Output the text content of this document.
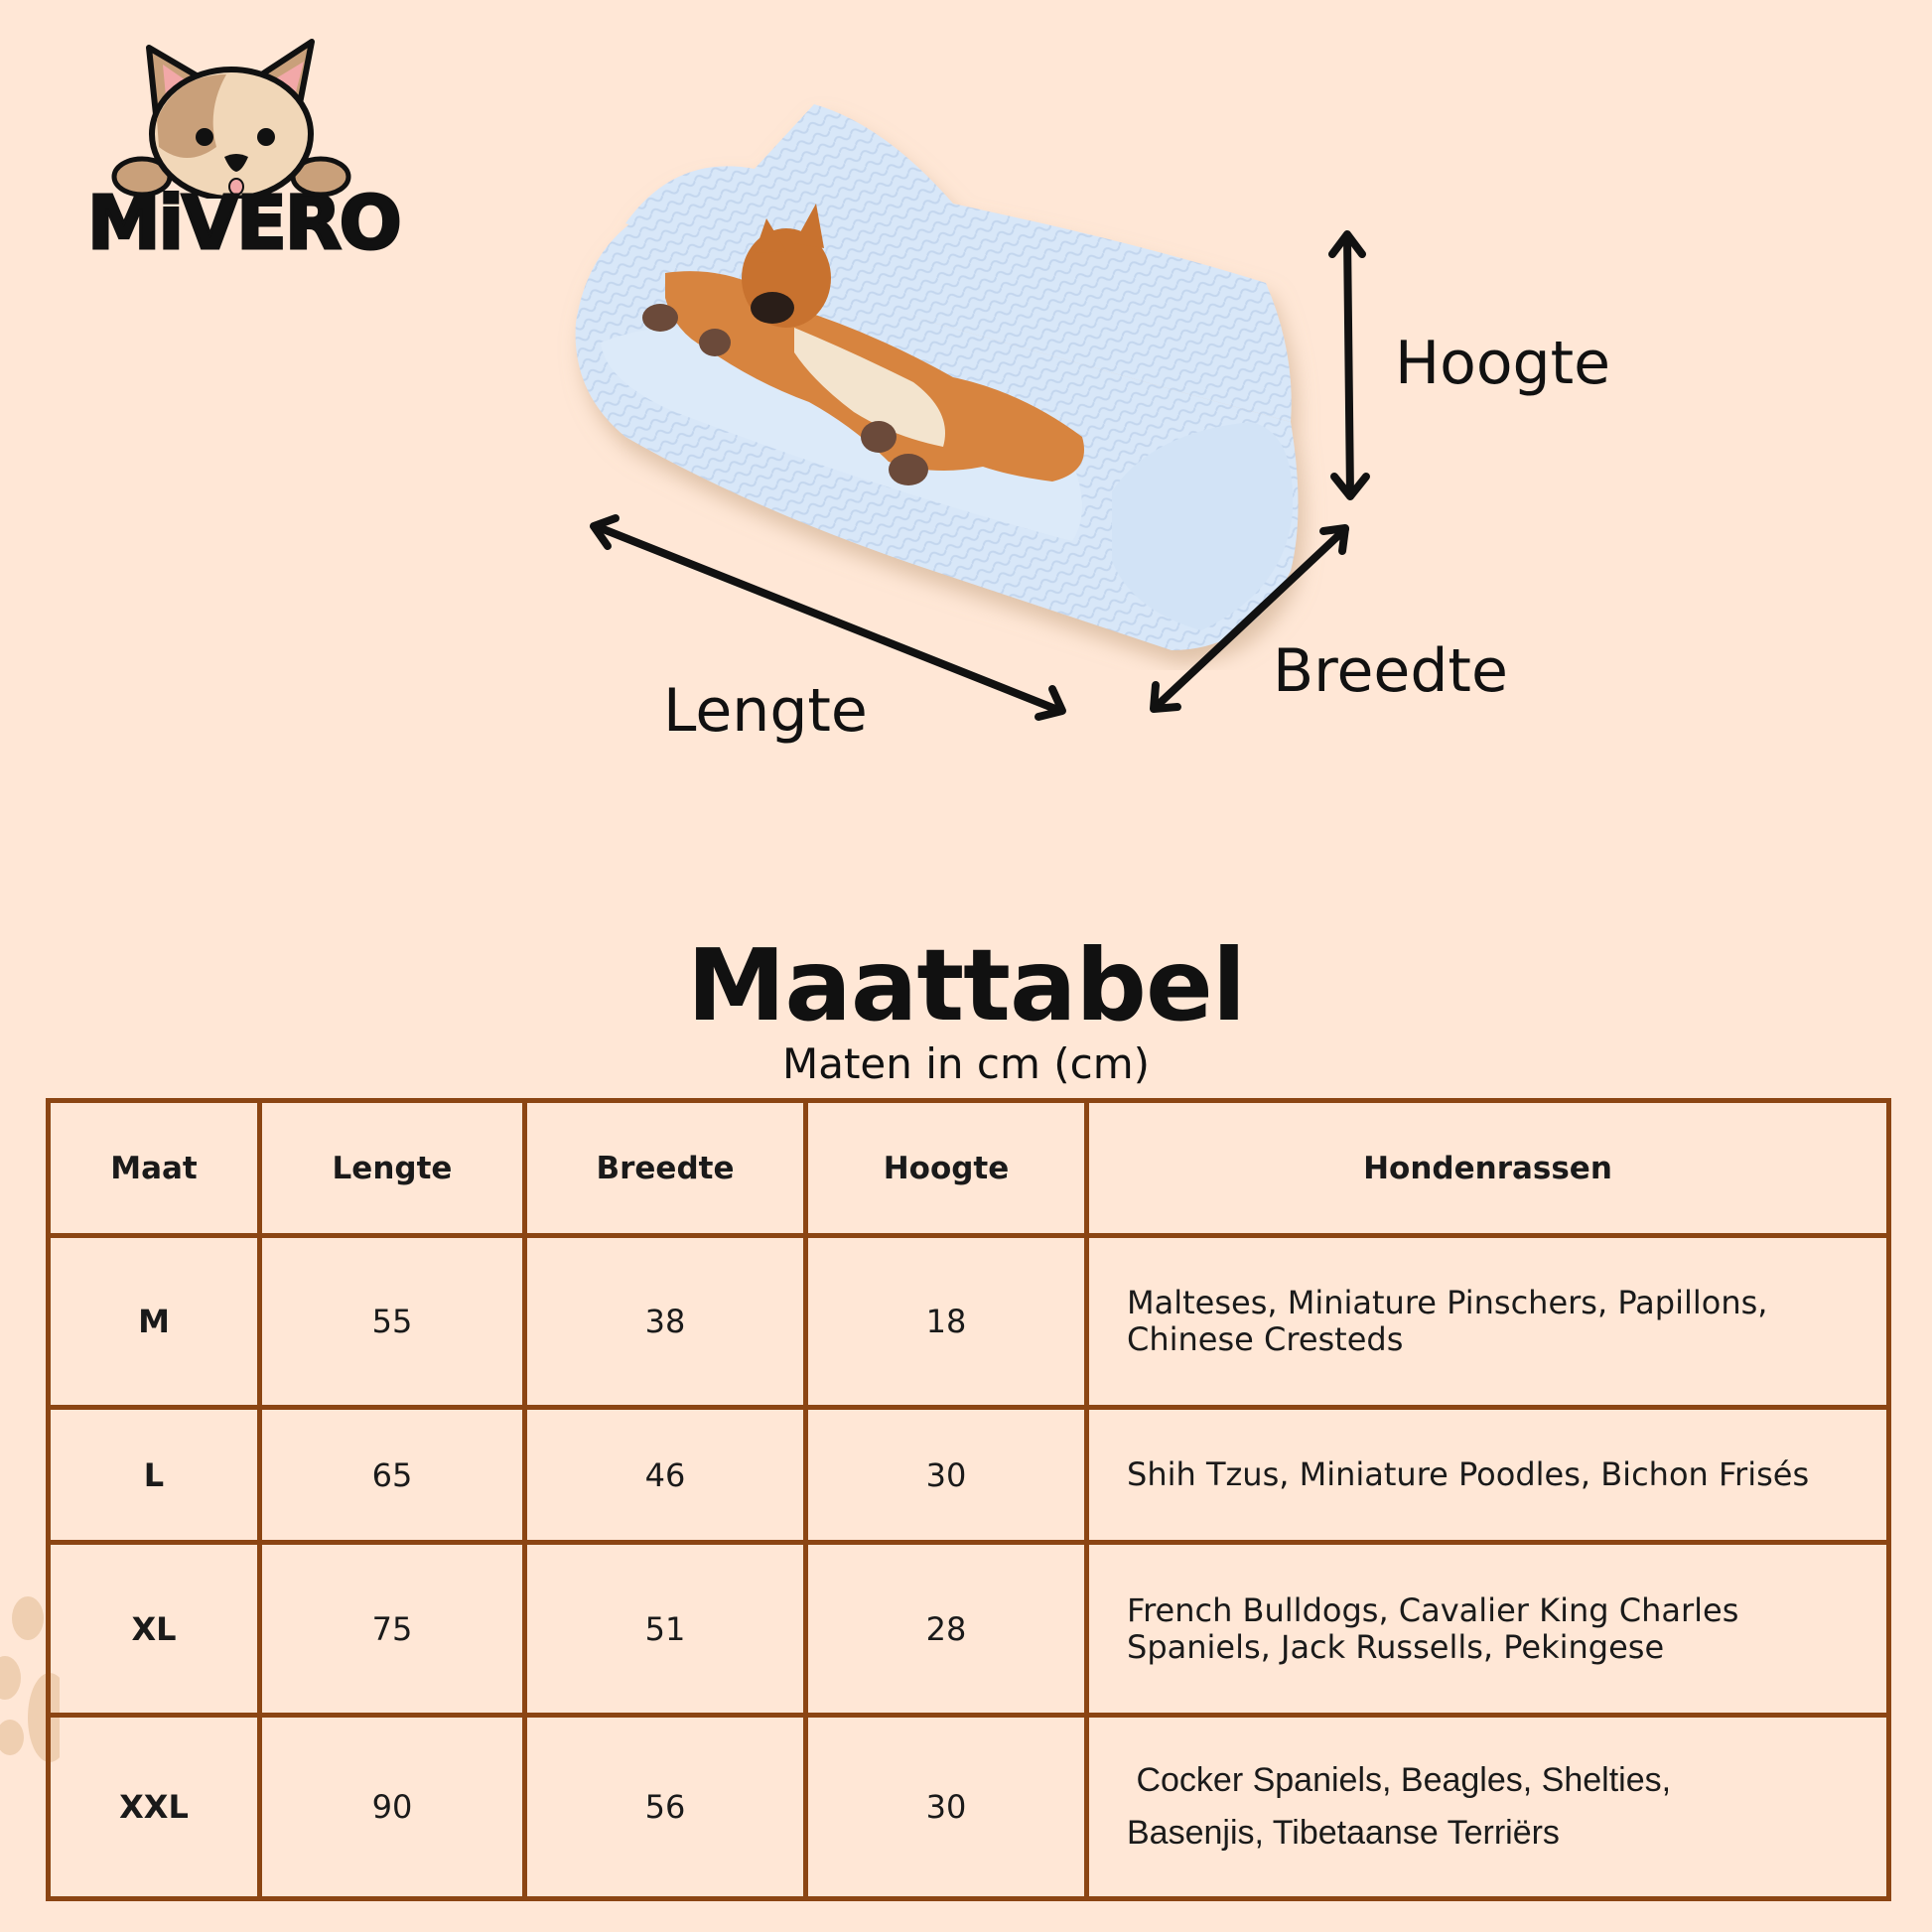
MiVERO
Hoogte
Breedte
Lengte
Maattabel
Maten in cm (cm)
Maat	Lengte	Breedte	Hoogte	Hondenrassen
M	55	38	18	Malteses, Miniature Pinschers, Papillons,
Chinese Cresteds

L	65	46	30	Shih Tzus, Miniature Poodles, Bichon Frisés

XL	75	51	28	French Bulldogs, Cavalier King Charles
Spaniels, Jack Russells, Pekingese

XXL	90	56	30	Cocker Spaniels, Beagles, Shelties,
Basenjis, Tibetaanse Terriërs
